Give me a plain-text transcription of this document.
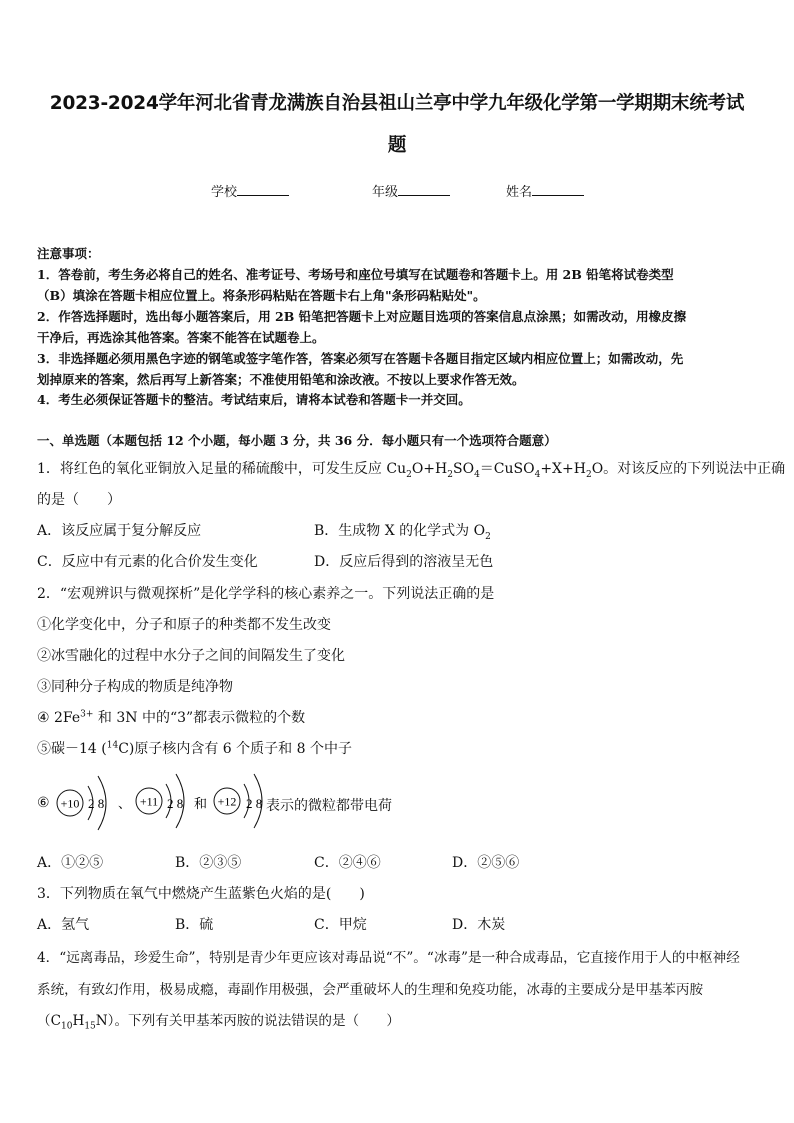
2023-2024学年河北省青龙满族自治县祖山兰亭中学九年级化学第一学期期末统考试
题
学校	年级	姓名
注意事项：
1．答卷前，考生务必将自己的姓名、准考证号、考场号和座位号填写在试题卷和答题卡上。用 2B 铅笔将试卷类型
（B）填涂在答题卡相应位置上。将条形码粘贴在答题卡右上角"条形码粘贴处"。
2．作答选择题时，选出每小题答案后，用 2B 铅笔把答题卡上对应题目选项的答案信息点涂黑；如需改动，用橡皮擦
干净后，再选涂其他答案。答案不能答在试题卷上。
3．非选择题必须用黑色字迹的钢笔或签字笔作答，答案必须写在答题卡各题目指定区域内相应位置上；如需改动，先
划掉原来的答案，然后再写上新答案；不准使用铅笔和涂改液。不按以上要求作答无效。
4．考生必须保证答题卡的整洁。考试结束后，请将本试卷和答题卡一并交回。
一、单选题（本题包括 12 个小题，每小题 3 分，共 36 分．每小题只有一个选项符合题意）
1．将红色的氧化亚铜放入足量的稀硫酸中，可发生反应 $Cu_2O+H_2SO_4=CuSO_4+X+H_2O$。对该反应的下列说法中正确
的是（　　）
A．该反应属于复分解反应	B．生成物 X 的化学式为 $O_2$
C．反应中有元素的化合价发生变化	D．反应后得到的溶液呈无色
2．“宏观辨识与微观探析”是化学学科的核心素养之一。下列说法正确的是
①化学变化中，分子和原子的种类都不发生改变
②冰雪融化的过程中水分子之间的间隔发生了变化
③同种分子构成的物质是纯净物
④ $2Fe^{3+}$ 和 3N 中的“3”都表示微粒的个数
⑤碳－14 ($^{14}$C)原子核内含有 6 个质子和 8 个中子
⑥ +10 2 8 、 +11 2 8 和 +12 2 8 表示的微粒都带电荷
A．①②⑤	B．②③⑤	C．②④⑥	D．②⑤⑥
3．下列物质在氧气中燃烧产生蓝紫色火焰的是(　　)
A．氢气	B．硫	C．甲烷	D．木炭
4．“远离毒品，珍爱生命”，特别是青少年更应该对毒品说“不”。“冰毒”是一种合成毒品，它直接作用于人的中枢神经
系统，有致幻作用，极易成瘾，毒副作用极强，会严重破坏人的生理和免疫功能，冰毒的主要成分是甲基苯丙胺
$(C_{10}H_{15}N)$。下列有关甲基苯丙胺的说法错误的是（　　）
